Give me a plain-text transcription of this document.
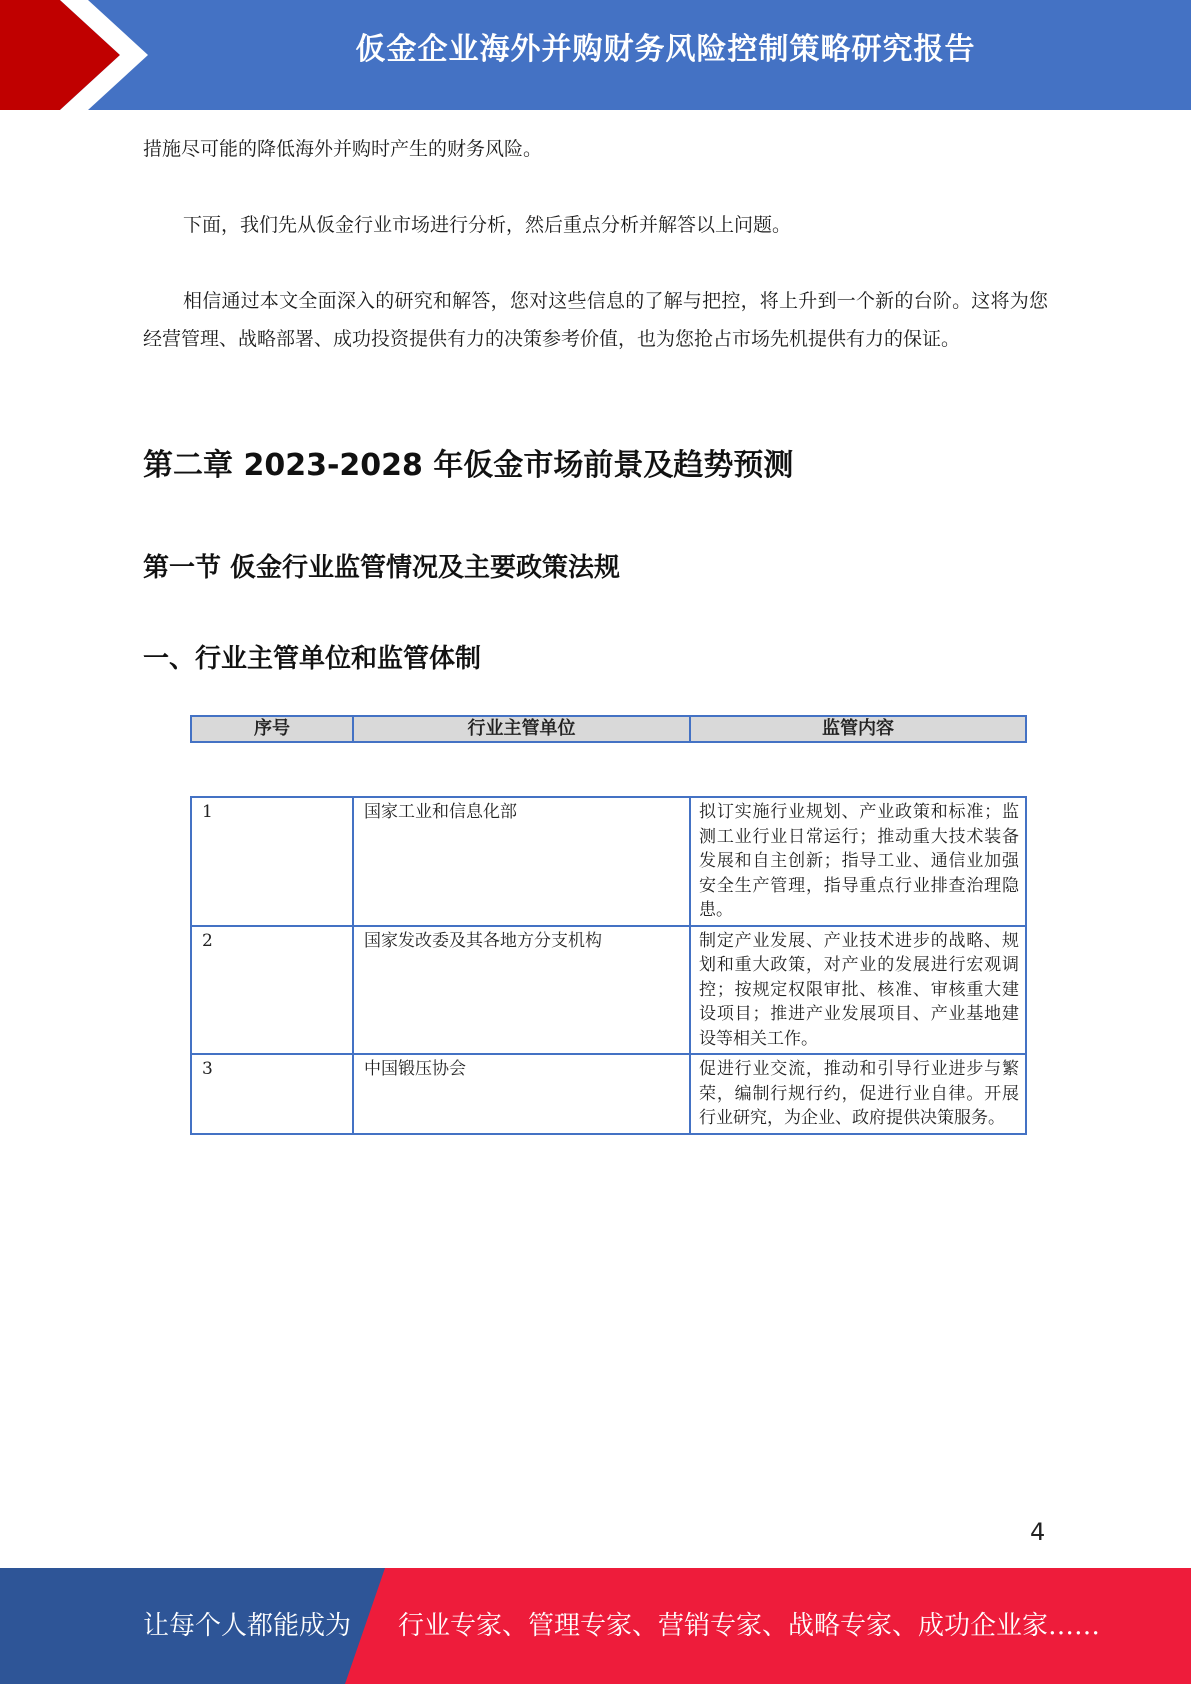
仮金企业海外并购财务风险控制策略研究报告

措施尽可能的降低海外并购时产生的财务风险。

下面，我们先从仮金行业市场进行分析，然后重点分析并解答以上问题。

相信通过本文全面深入的研究和解答，您对这些信息的了解与把控，将上升到一个新的台阶。这将为您经营管理、战略部署、成功投资提供有力的决策参考价值，也为您抢占市场先机提供有力的保证。

第二章 2023-2028 年仮金市场前景及趋势预测
第一节 仮金行业监管情况及主要政策法规
一、行业主管单位和监管体制
序号	行业主管单位	监管内容
1	国家工业和信息化部	拟订实施行业规划、产业政策和标准；监测工业行业日常运行；推动重大技术装备发展和自主创新；指导工业、通信业加强安全生产管理，指导重点行业排查治理隐患。
2	国家发改委及其各地方分支机构	制定产业发展、产业技术进步的战略、规划和重大政策，对产业的发展进行宏观调控；按规定权限审批、核准、审核重大建设项目；推进产业发展项目、产业基地建设等相关工作。
3	中国锻压协会	促进行业交流，推动和引导行业进步与繁荣，编制行规行约，促进行业自律。开展行业研究，为企业、政府提供决策服务。
4
让每个人都能成为 行业专家、管理专家、营销专家、战略专家、成功企业家……
